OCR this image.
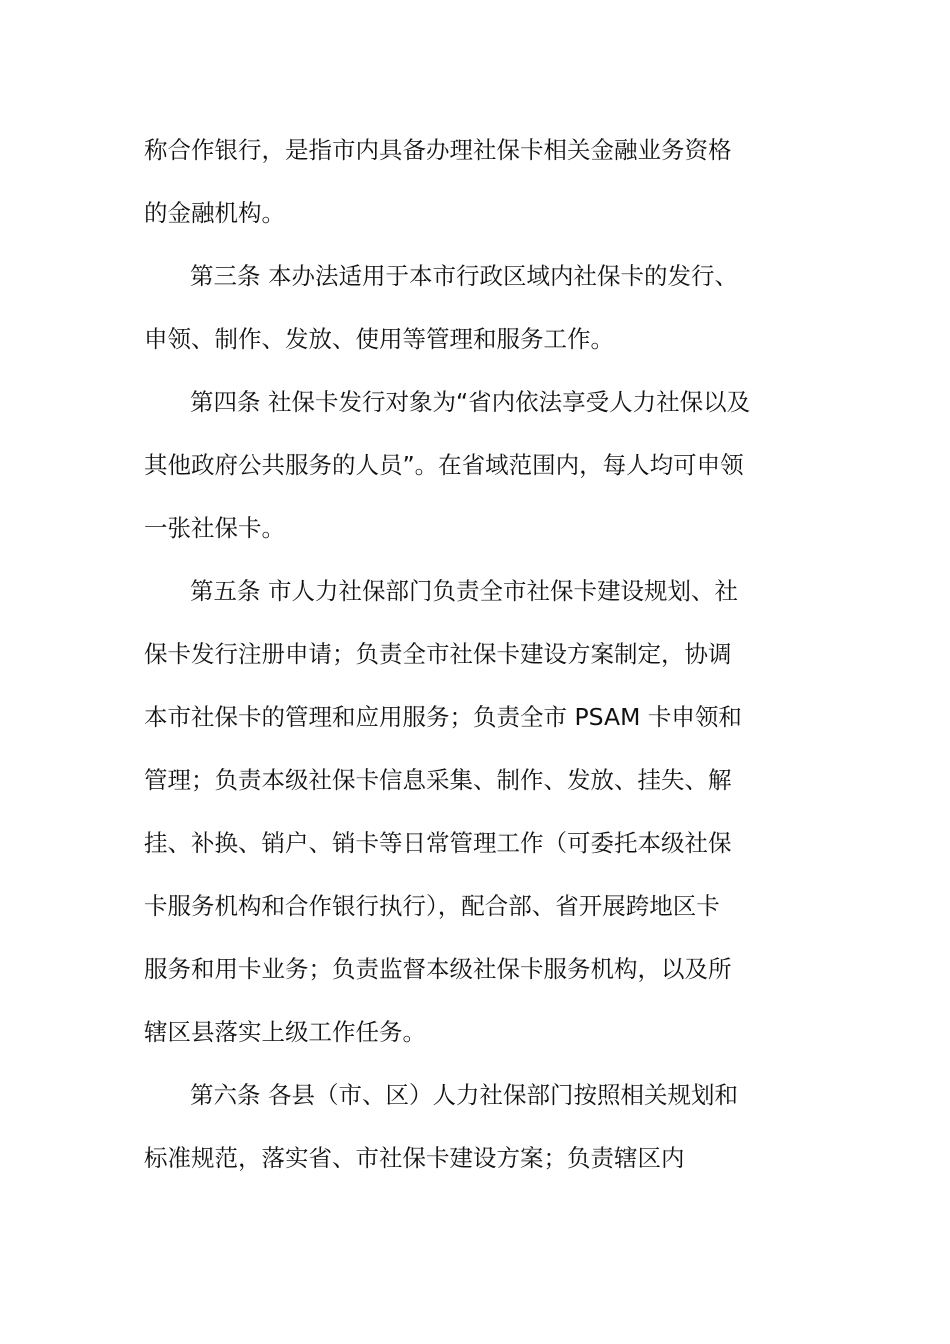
称合作银行，是指市内具备办理社保卡相关金融业务资格
的金融机构。
第三条 本办法适用于本市行政区域内社保卡的发行、
申领、制作、发放、使用等管理和服务工作。
第四条 社保卡发行对象为“省内依法享受人力社保以及
其他政府公共服务的人员”。在省域范围内，每人均可申领
一张社保卡。
第五条 市人力社保部门负责全市社保卡建设规划、社
保卡发行注册申请；负责全市社保卡建设方案制定，协调
本市社保卡的管理和应用服务；负责全市 PSAM 卡申领和
管理；负责本级社保卡信息采集、制作、发放、挂失、解
挂、补换、销户、销卡等日常管理工作（可委托本级社保
卡服务机构和合作银行执行），配合部、省开展跨地区卡
服务和用卡业务；负责监督本级社保卡服务机构，以及所
辖区县落实上级工作任务。
第六条 各县（市、区）人力社保部门按照相关规划和
标准规范，落实省、市社保卡建设方案；负责辖区内
